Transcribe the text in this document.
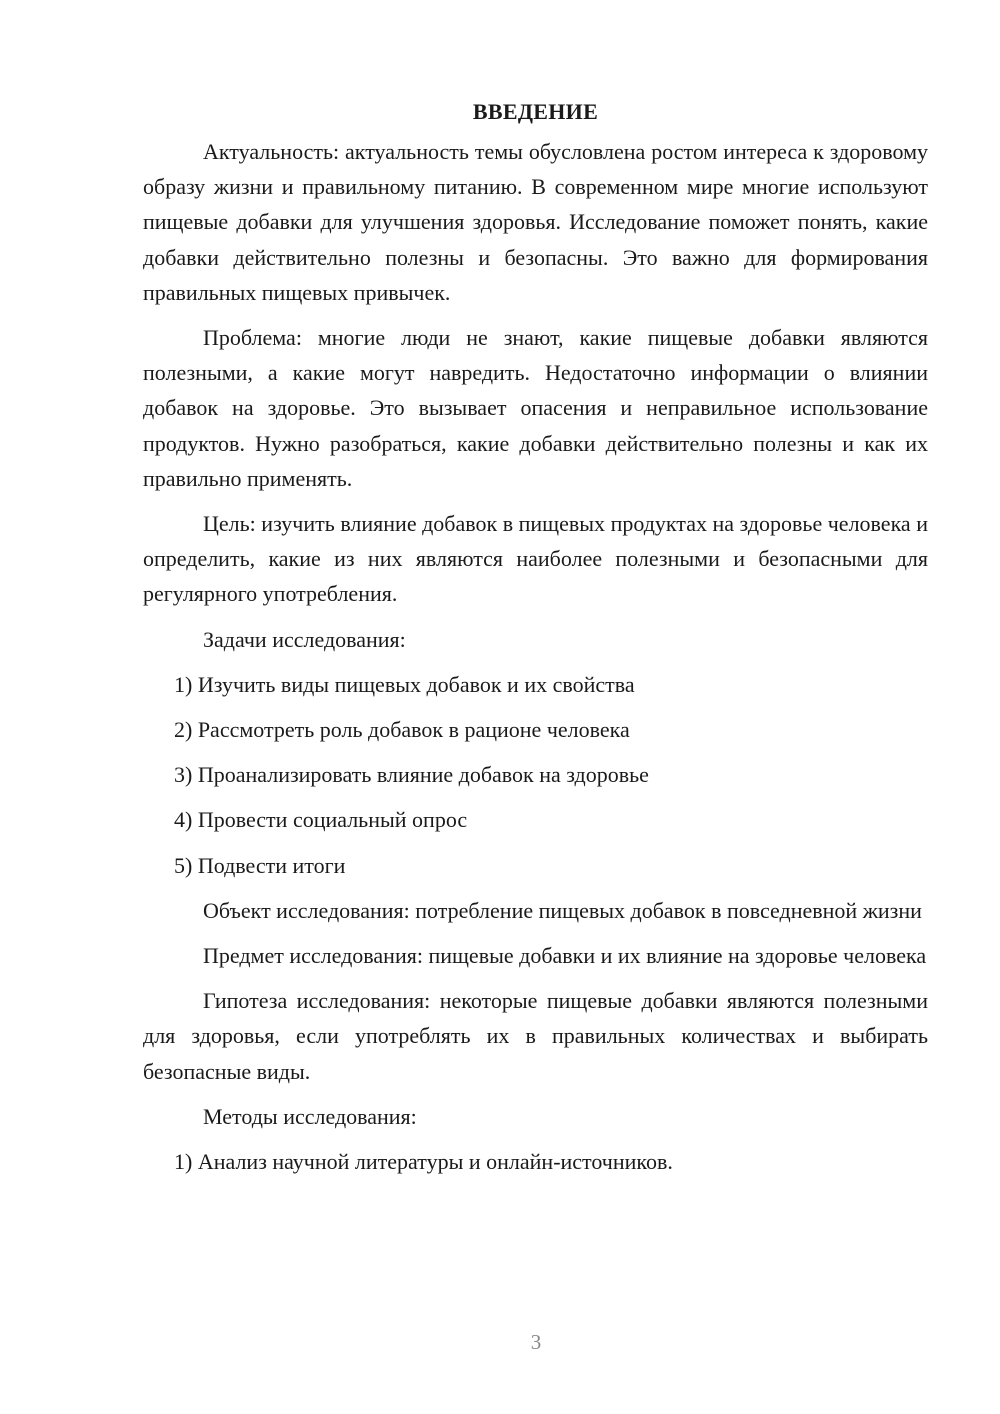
ВВЕДЕНИЕ

Актуальность: актуальность темы обусловлена ростом интереса к здоровому образу жизни и правильному питанию. В современном мире многие используют пищевые добавки для улучшения здоровья. Исследование поможет понять, какие добавки действительно полезны и безопасны. Это важно для формирования правильных пищевых привычек.

Проблема: многие люди не знают, какие пищевые добавки являются полезными, а какие могут навредить. Недостаточно информации о влиянии добавок на здоровье. Это вызывает опасения и неправильное использование продуктов. Нужно разобраться, какие добавки действительно полезны и как их правильно применять.

Цель: изучить влияние добавок в пищевых продуктах на здоровье человека и определить, какие из них являются наиболее полезными и безопасными для регулярного употребления.

Задачи исследования:

1) Изучить виды пищевых добавок и их свойства
2) Рассмотреть роль добавок в рационе человека
3) Проанализировать влияние добавок на здоровье
4) Провести социальный опрос
5) Подвести итоги

Объект исследования: потребление пищевых добавок в повседневной жизни

Предмет исследования: пищевые добавки и их влияние на здоровье человека

Гипотеза исследования: некоторые пищевые добавки являются полезными для здоровья, если употреблять их в правильных количествах и выбирать безопасные виды.

Методы исследования:

1) Анализ научной литературы и онлайн-источников.
3
